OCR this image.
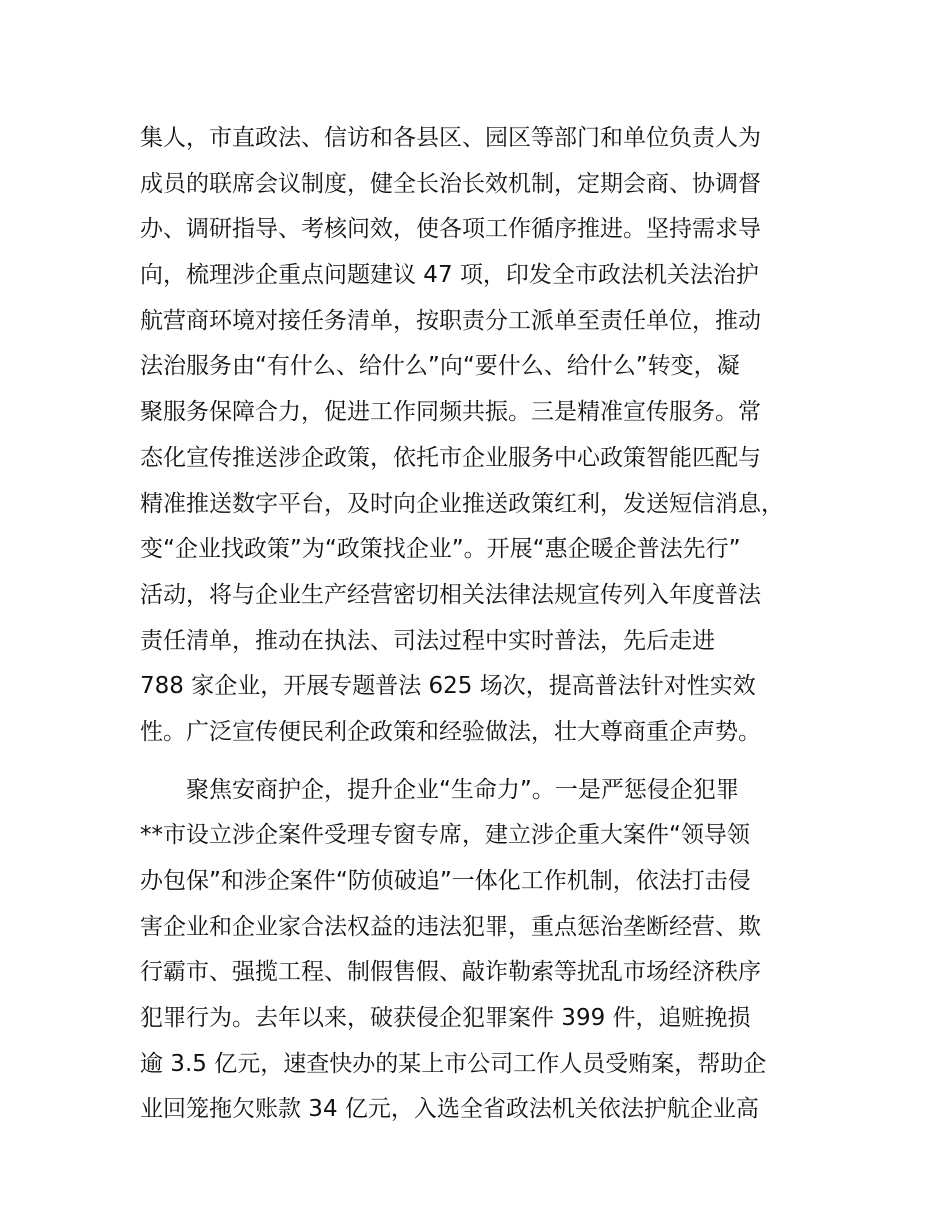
集人，市直政法、信访和各县区、园区等部门和单位负责人为
成员的联席会议制度，健全长治长效机制，定期会商、协调督
办、调研指导、考核问效，使各项工作循序推进。坚持需求导
向，梳理涉企重点问题建议 47 项，印发全市政法机关法治护
航营商环境对接任务清单，按职责分工派单至责任单位，推动
法治服务由“有什么、给什么”向“要什么、给什么”转变，凝
聚服务保障合力，促进工作同频共振。三是精准宣传服务。常
态化宣传推送涉企政策，依托市企业服务中心政策智能匹配与
精准推送数字平台，及时向企业推送政策红利，发送短信消息，
变“企业找政策”为“政策找企业”。开展“惠企暖企普法先行”
活动，将与企业生产经营密切相关法律法规宣传列入年度普法
责任清单，推动在执法、司法过程中实时普法，先后走进
788 家企业，开展专题普法 625 场次，提高普法针对性实效
性。广泛宣传便民利企政策和经验做法，壮大尊商重企声势。
　　聚焦安商护企，提升企业“生命力”。一是严惩侵企犯罪
**市设立涉企案件受理专窗专席，建立涉企重大案件“领导领
办包保”和涉企案件“防侦破追”一体化工作机制，依法打击侵
害企业和企业家合法权益的违法犯罪，重点惩治垄断经营、欺
行霸市、强揽工程、制假售假、敲诈勒索等扰乱市场经济秩序
犯罪行为。去年以来，破获侵企犯罪案件 399 件，追赃挽损
逾 3.5 亿元，速查快办的某上市公司工作人员受贿案，帮助企
业回笼拖欠账款 34 亿元，入选全省政法机关依法护航企业高
